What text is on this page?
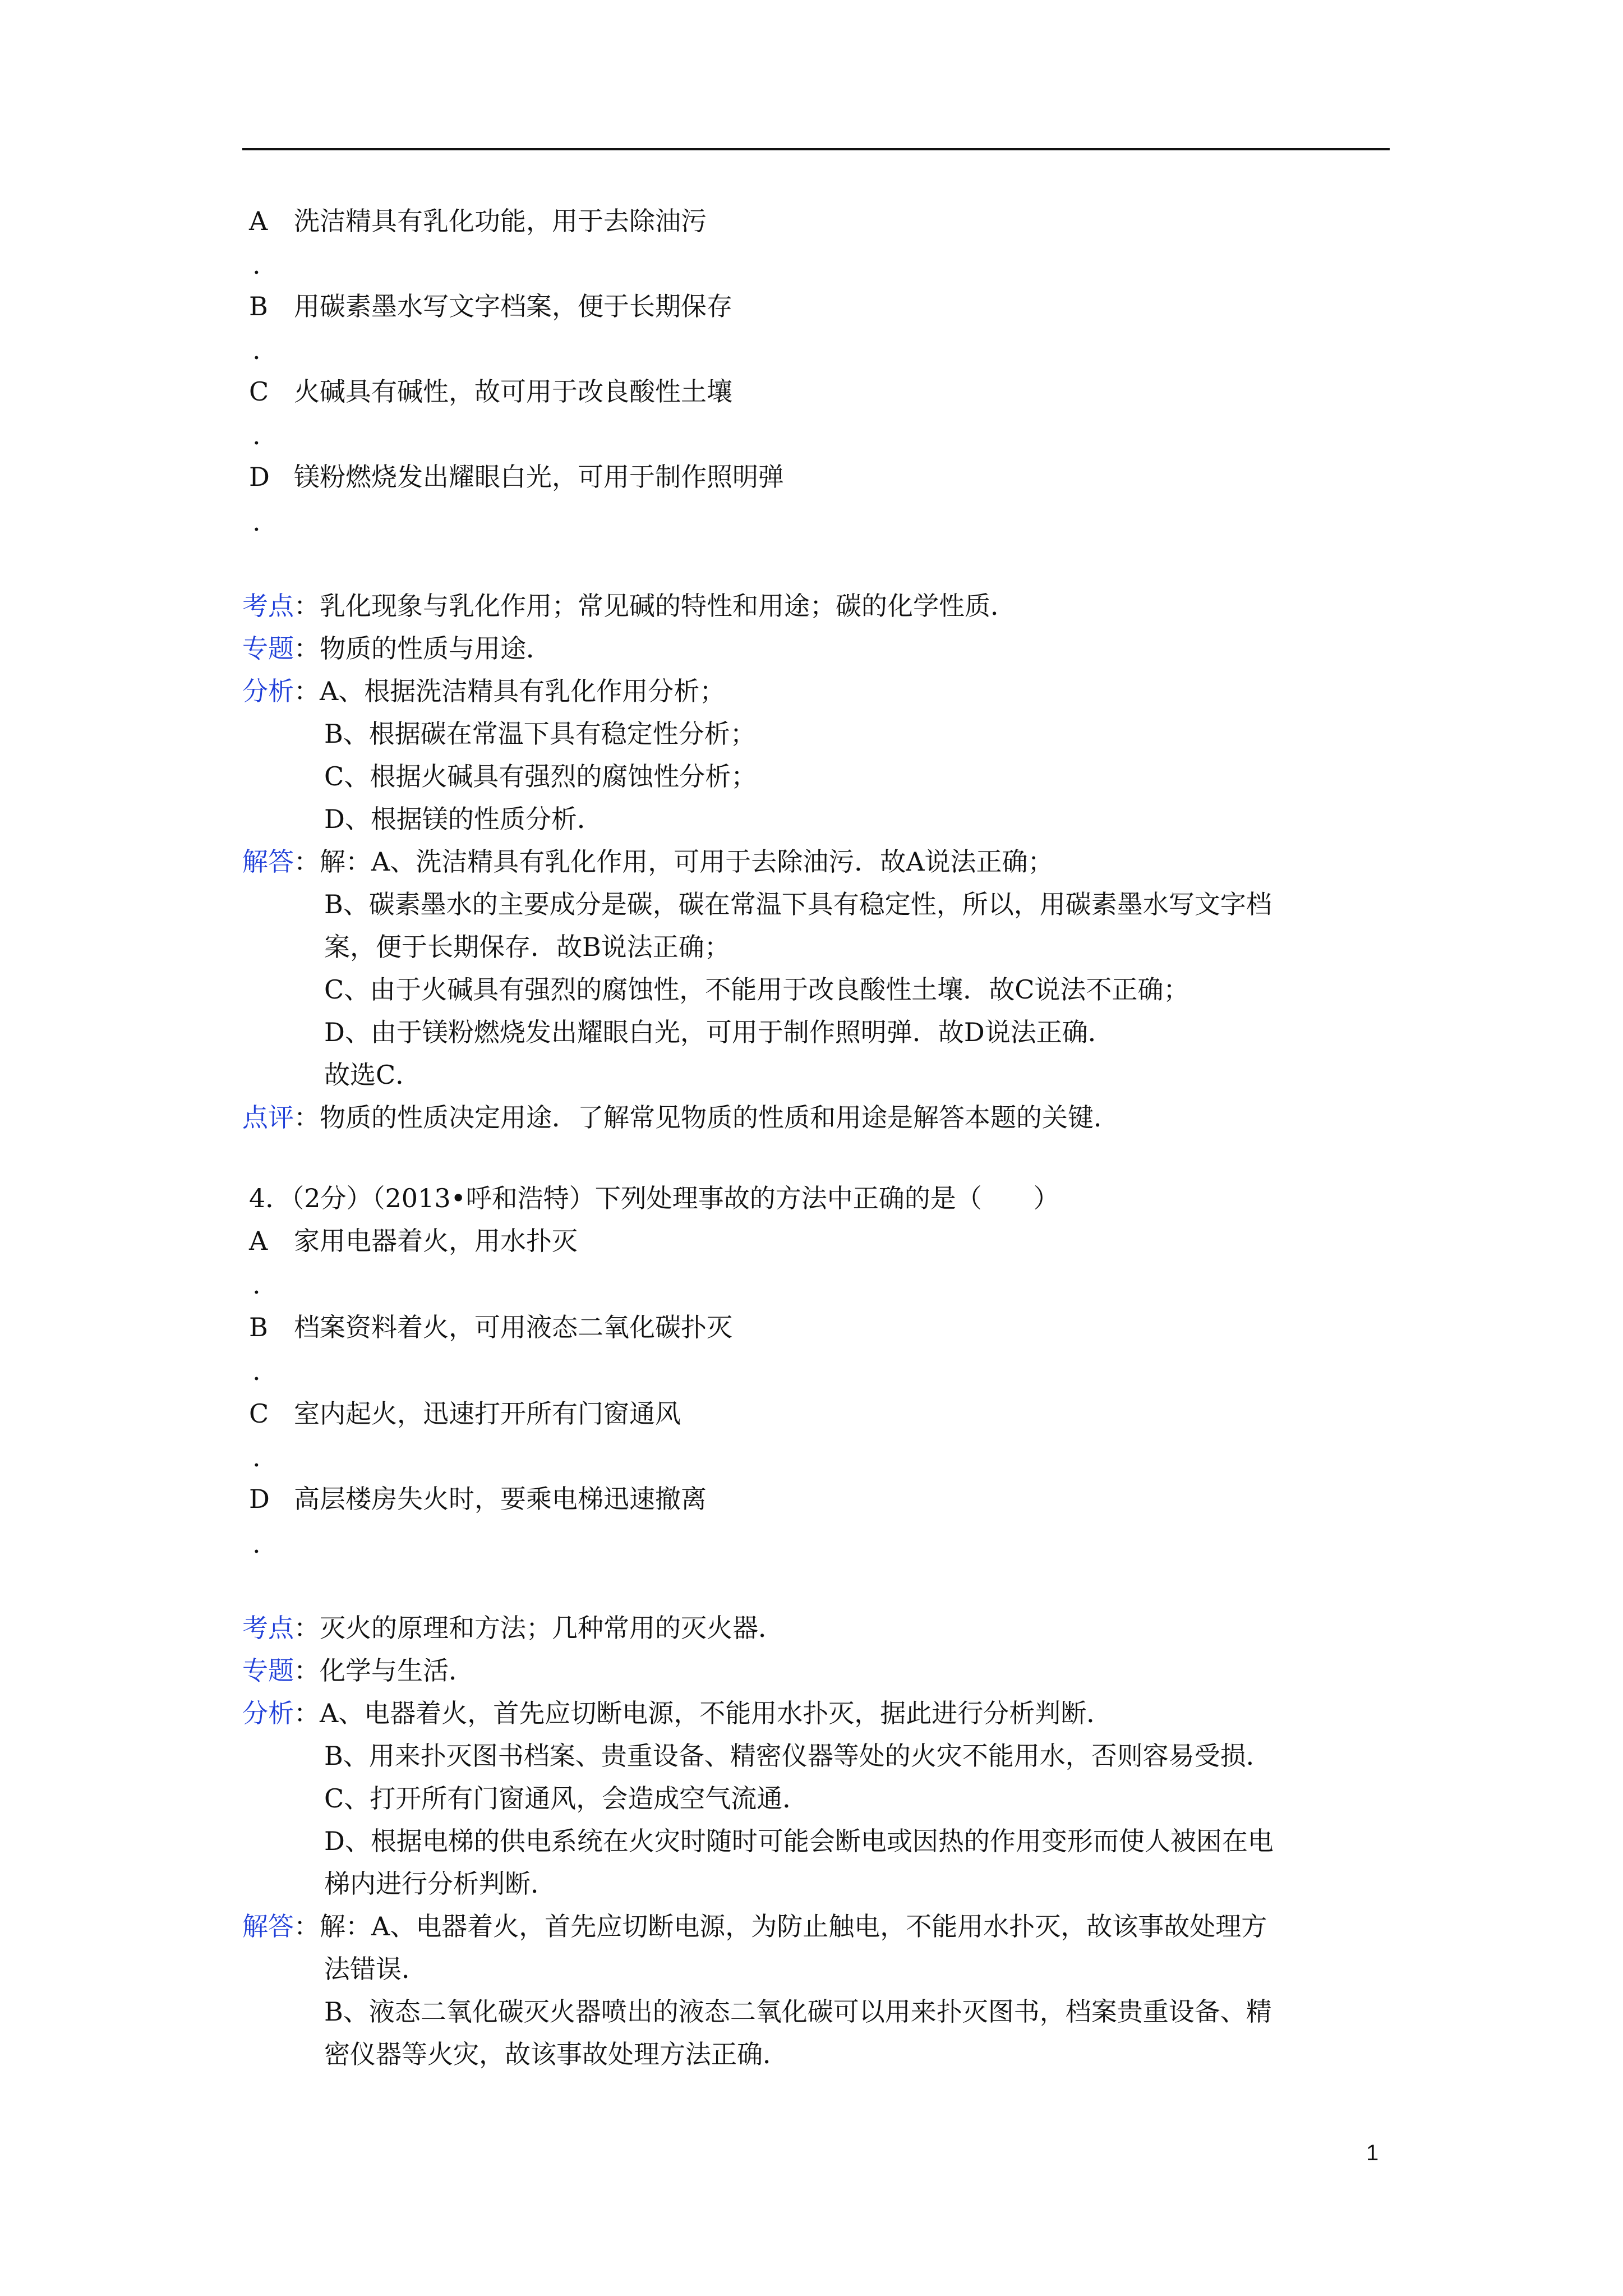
A 洗洁精具有乳化功能，用于去除油污
.
B 用碳素墨水写文字档案，便于长期保存
.
C 火碱具有碱性，故可用于改良酸性土壤
.
D 镁粉燃烧发出耀眼白光，可用于制作照明弹
.
考点：乳化现象与乳化作用；常见碱的特性和用途；碳的化学性质．
专题：物质的性质与用途．
分析：A、根据洗洁精具有乳化作用分析；
B、根据碳在常温下具有稳定性分析；
C、根据火碱具有强烈的腐蚀性分析；
D、根据镁的性质分析．
解答：解：A、洗洁精具有乳化作用，可用于去除油污．故A说法正确；
B、碳素墨水的主要成分是碳，碳在常温下具有稳定性，所以，用碳素墨水写文字档
案，便于长期保存．故B说法正确；
C、由于火碱具有强烈的腐蚀性，不能用于改良酸性土壤．故C说法不正确；
D、由于镁粉燃烧发出耀眼白光，可用于制作照明弹．故D说法正确．
故选C．
点评：物质的性质决定用途．了解常见物质的性质和用途是解答本题的关键．
4．（2分）（2013•呼和浩特）下列处理事故的方法中正确的是（　　）
A 家用电器着火，用水扑灭
.
B 档案资料着火，可用液态二氧化碳扑灭
.
C 室内起火，迅速打开所有门窗通风
.
D 高层楼房失火时，要乘电梯迅速撤离
.
考点：灭火的原理和方法；几种常用的灭火器．
专题：化学与生活．
分析：A、电器着火，首先应切断电源，不能用水扑灭，据此进行分析判断．
B、用来扑灭图书档案、贵重设备、精密仪器等处的火灾不能用水，否则容易受损．
C、打开所有门窗通风，会造成空气流通．
D、根据电梯的供电系统在火灾时随时可能会断电或因热的作用变形而使人被困在电
梯内进行分析判断．
解答：解：A、电器着火，首先应切断电源，为防止触电，不能用水扑灭，故该事故处理方
法错误．
B、液态二氧化碳灭火器喷出的液态二氧化碳可以用来扑灭图书，档案贵重设备、精
密仪器等火灾，故该事故处理方法正确．
1
